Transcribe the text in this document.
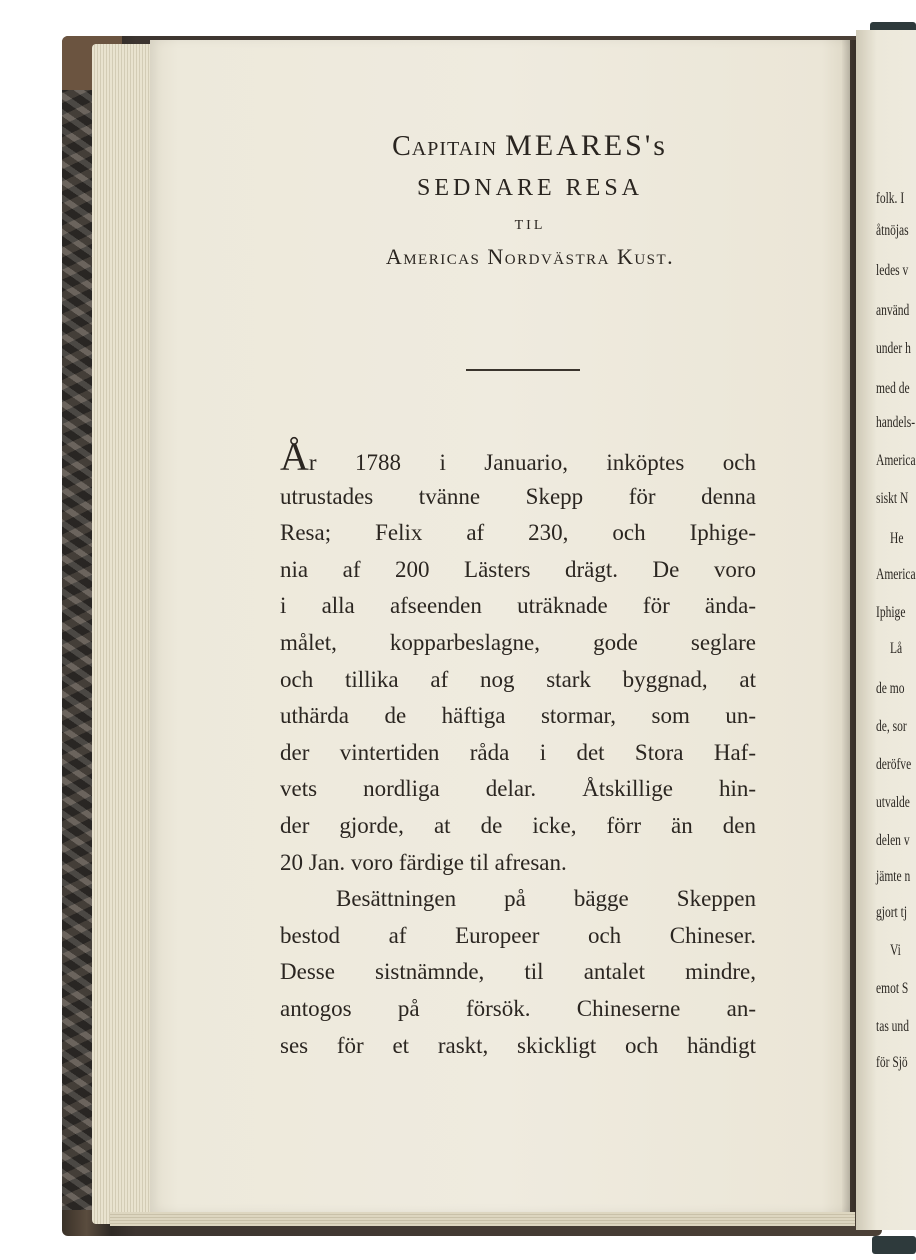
folk. I
åtnöjas
ledes v
använd
under h
med de
handels-
America
siskt N
He
America
Iphige
Lå
de mo
de, sor
deröfve
utvalde
delen v
jämte n
gjort tj
Vi
emot S
tas und
för Sjö
Capitain MEARES's
SEDNARE RESA
TIL
Americas Nordvästra Kust.
År 1788 i Januario, inköptes och
utrustades tvänne Skepp för denna
Resa; Felix af 230, och Iphige-
nia af 200 Lästers drägt. De voro
i alla afseenden uträknade för ända-
målet, kopparbeslagne, gode seglare
och tillika af nog stark byggnad, at
uthärda de häftiga stormar, som un-
der vintertiden råda i det Stora Haf-
vets nordliga delar. Åtskillige hin-
der gjorde, at de icke, förr än den
20 Jan. voro färdige til afresan.
Besättningen på bägge Skeppen
bestod af Europeer och Chineser.
Desse sistnämnde, til antalet mindre,
antogos på försök. Chineserne an-
ses för et raskt, skickligt och händigt
